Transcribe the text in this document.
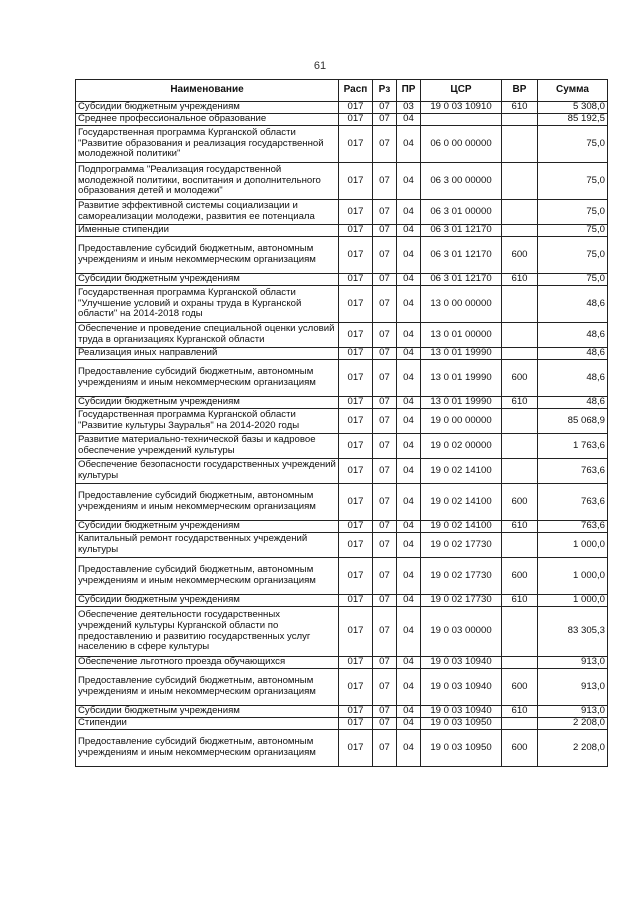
61
Наименование	Расп	Рз	ПР	ЦСР	ВР	Сумма
Субсидии бюджетным учреждениям	017	07	03	19 0 03 10910	610	5 308,0
Среднее профессиональное образование	017	07	04			85 192,5
Государственная программа Курганской области "Развитие образования и реализация государственной молодежной политики"	017	07	04	06 0 00 00000		75,0
Подпрограмма "Реализация государственной молодежной политики, воспитания и дополнительного образования детей и молодежи"	017	07	04	06 3 00 00000		75,0
Развитие эффективной системы социализации и самореализации молодежи, развития ее потенциала	017	07	04	06 3 01 00000		75,0
Именные стипендии	017	07	04	06 3 01 12170		75,0
Предоставление субсидий бюджетным, автономным учреждениям и иным некоммерческим организациям	017	07	04	06 3 01 12170	600	75,0
Субсидии бюджетным учреждениям	017	07	04	06 3 01 12170	610	75,0
Государственная программа Курганской области "Улучшение условий и охраны труда в Курганской области" на 2014-2018 годы	017	07	04	13 0 00 00000		48,6
Обеспечение и проведение специальной оценки условий труда в организациях Курганской области	017	07	04	13 0 01 00000		48,6
Реализация иных направлений	017	07	04	13 0 01 19990		48,6
Предоставление субсидий бюджетным, автономным учреждениям и иным некоммерческим организациям	017	07	04	13 0 01 19990	600	48,6
Субсидии бюджетным учреждениям	017	07	04	13 0 01 19990	610	48,6
Государственная программа Курганской области "Развитие культуры Зауралья" на 2014-2020 годы	017	07	04	19 0 00 00000		85 068,9
Развитие материально-технической базы и кадровое обеспечение учреждений культуры	017	07	04	19 0 02 00000		1 763,6
Обеспечение безопасности государственных учреждений культуры	017	07	04	19 0 02 14100		763,6
Предоставление субсидий бюджетным, автономным учреждениям и иным некоммерческим организациям	017	07	04	19 0 02 14100	600	763,6
Субсидии бюджетным учреждениям	017	07	04	19 0 02 14100	610	763,6
Капитальный ремонт государственных учреждений культуры	017	07	04	19 0 02 17730		1 000,0
Предоставление субсидий бюджетным, автономным учреждениям и иным некоммерческим организациям	017	07	04	19 0 02 17730	600	1 000,0
Субсидии бюджетным учреждениям	017	07	04	19 0 02 17730	610	1 000,0
Обеспечение деятельности государственных учреждений культуры Курганской области по предоставлению и развитию государственных услуг населению в сфере культуры	017	07	04	19 0 03 00000		83 305,3
Обеспечение льготного проезда обучающихся	017	07	04	19 0 03 10940		913,0
Предоставление субсидий бюджетным, автономным учреждениям и иным некоммерческим организациям	017	07	04	19 0 03 10940	600	913,0
Субсидии бюджетным учреждениям	017	07	04	19 0 03 10940	610	913,0
Стипендии	017	07	04	19 0 03 10950		2 208,0
Предоставление субсидий бюджетным, автономным учреждениям и иным некоммерческим организациям	017	07	04	19 0 03 10950	600	2 208,0
